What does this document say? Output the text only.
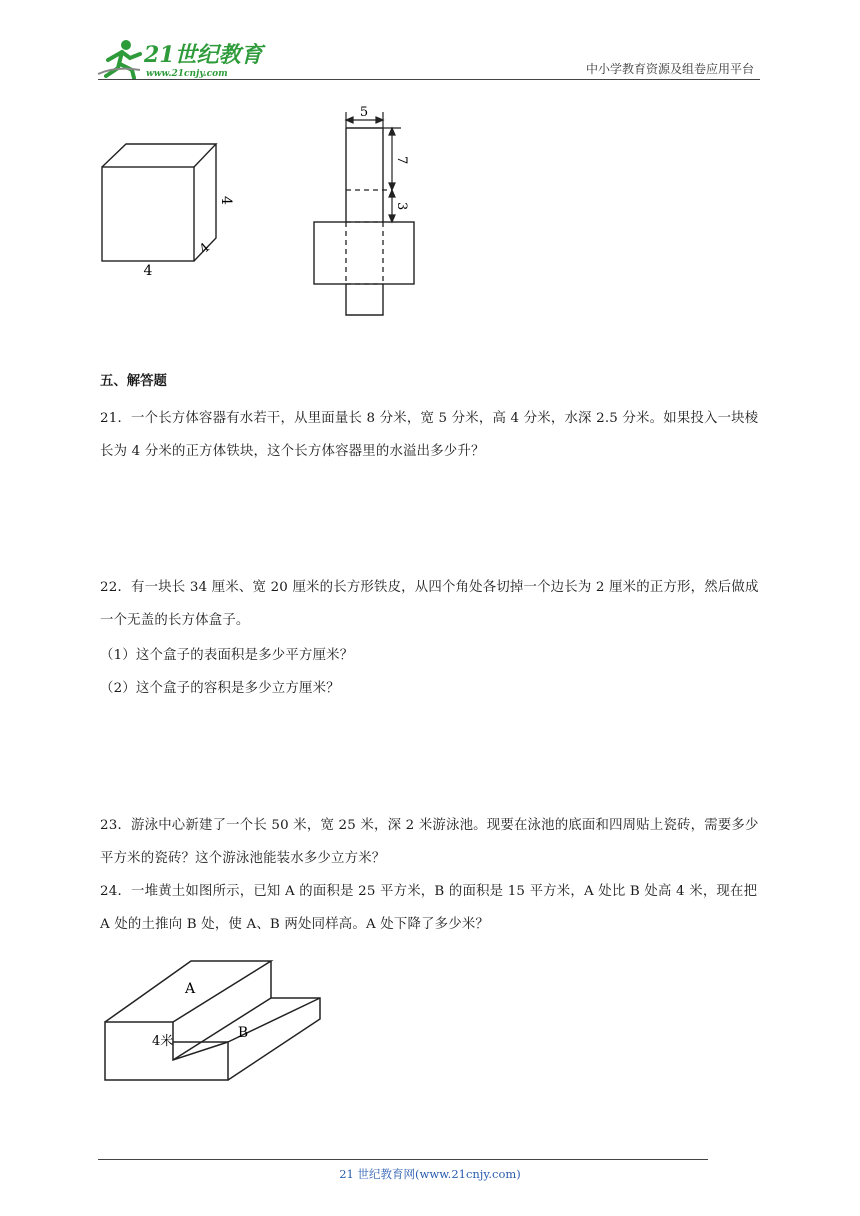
21世纪教育
www.21cnjy.com	中小学教育资源及组卷应用平台
4
4
4
5
7
3
五、解答题
21．一个长方体容器有水若干，从里面量长 8 分米，宽 5 分米，高 4 分米，水深 2.5 分米。如果投入一块棱长为 4 分米的正方体铁块，这个长方体容器里的水溢出多少升？
22．有一块长 34 厘米、宽 20 厘米的长方形铁皮，从四个角处各切掉一个边长为 2 厘米的正方形，然后做成一个无盖的长方体盒子。
（1）这个盒子的表面积是多少平方厘米？
（2）这个盒子的容积是多少立方厘米？
23．游泳中心新建了一个长 50 米，宽 25 米，深 2 米游泳池。现要在泳池的底面和四周贴上瓷砖，需要多少平方米的瓷砖？这个游泳池能装水多少立方米？
24．一堆黄土如图所示，已知 A 的面积是 25 平方米，B 的面积是 15 平方米，A 处比 B 处高 4 米，现在把 A 处的土推向 B 处，使 A、B 两处同样高。A 处下降了多少米？
A
B
4米
21 世纪教育网(www.21cnjy.com)
